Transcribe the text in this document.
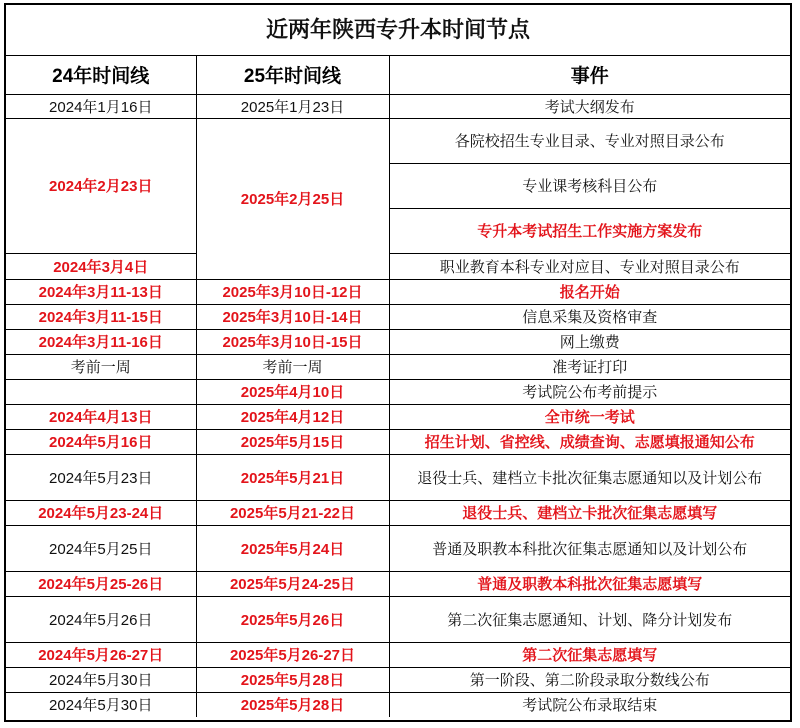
近两年陕西专升本时间节点
24年时间线	25年时间线	事件
2024年1月16日	2025年1月23日	考试大纲发布
2024年2月23日	2025年2月25日	各院校招生专业目录、专业对照目录公布
		专业课考核科目公布
		专升本考试招生工作实施方案发布
2024年3月4日		职业教育本科专业对应目、专业对照目录公布
2024年3月11-13日	2025年3月10日-12日	报名开始
2024年3月11-15日	2025年3月10日-14日	信息采集及资格审查
2024年3月11-16日	2025年3月10日-15日	网上缴费
考前一周	考前一周	准考证打印
	2025年4月10日	考试院公布考前提示
2024年4月13日	2025年4月12日	全市统一考试
2024年5月16日	2025年5月15日	招生计划、省控线、成绩查询、志愿填报通知公布
2024年5月23日	2025年5月21日	退役士兵、建档立卡批次征集志愿通知以及计划公布
2024年5月23-24日	2025年5月21-22日	退役士兵、建档立卡批次征集志愿填写
2024年5月25日	2025年5月24日	普通及职教本科批次征集志愿通知以及计划公布
2024年5月25-26日	2025年5月24-25日	普通及职教本科批次征集志愿填写
2024年5月26日	2025年5月26日	第二次征集志愿通知、计划、降分计划发布
2024年5月26-27日	2025年5月26-27日	第二次征集志愿填写
2024年5月30日	2025年5月28日	第一阶段、第二阶段录取分数线公布
2024年5月30日	2025年5月28日	考试院公布录取结束
